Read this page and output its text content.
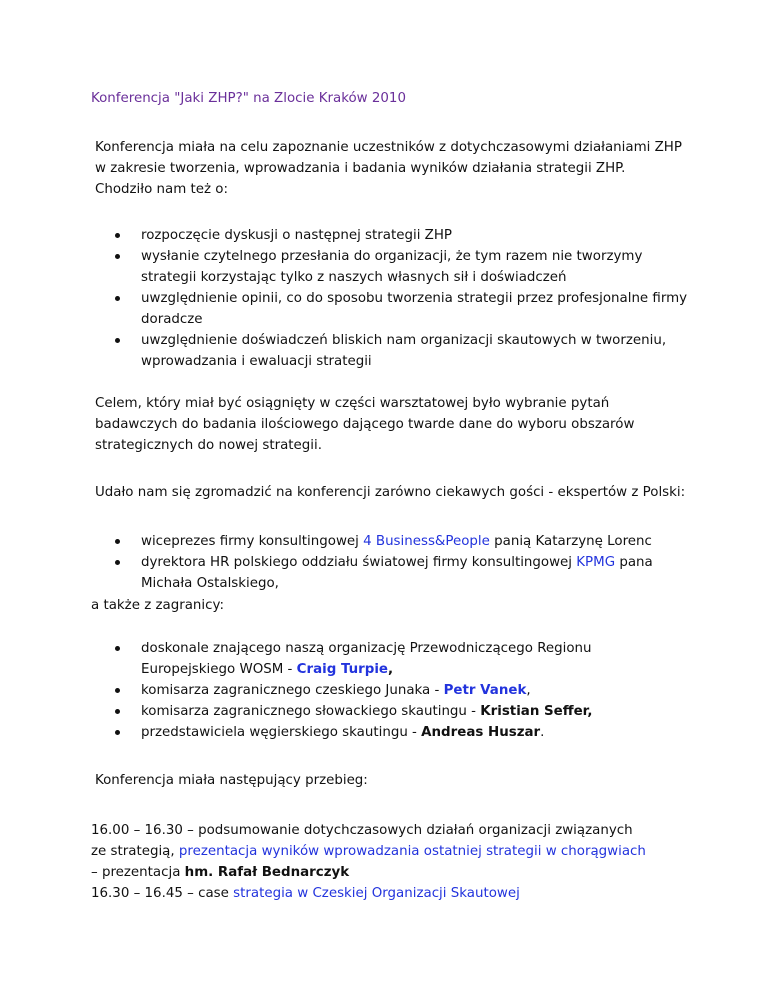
Konferencja "Jaki ZHP?" na Zlocie Kraków 2010

Konferencja miała na celu zapoznanie uczestników z dotychczasowymi działaniami ZHP w zakresie tworzenia, wprowadzania i badania wyników działania strategii ZHP. Chodziło nam też o:

rozpoczęcie dyskusji o następnej strategii ZHP
wysłanie czytelnego przesłania do organizacji, że tym razem nie tworzymy strategii korzystając tylko z naszych własnych sił i doświadczeń
uwzględnienie opinii, co do sposobu tworzenia strategii przez profesjonalne firmy doradcze
uwzględnienie doświadczeń bliskich nam organizacji skautowych w tworzeniu, wprowadzania i ewaluacji strategii

Celem, który miał być osiągnięty w części warsztatowej było wybranie pytań badawczych do badania ilościowego dającego twarde dane do wyboru obszarów strategicznych do nowej strategii.

Udało nam się zgromadzić na konferencji zarówno ciekawych gości - ekspertów z Polski:

wiceprezes firmy konsultingowej 4 Business&People panią Katarzynę Lorenc
dyrektora HR polskiego oddziału światowej firmy konsultingowej KPMG pana Michała Ostalskiego,

a także z zagranicy:

doskonale znającego naszą organizację Przewodniczącego Regionu Europejskiego WOSM - Craig Turpie,
komisarza zagranicznego czeskiego Junaka - Petr Vanek,
komisarza zagranicznego słowackiego skautingu - Kristian Seffer,
przedstawiciela węgierskiego skautingu - Andreas Huszar.

Konferencja miała następujący przebieg:

16.00 – 16.30 – podsumowanie dotychczasowych działań organizacji związanych ze strategią, prezentacja wyników wprowadzania ostatniej strategii w chorągwiach – prezentacja hm. Rafał Bednarczyk

16.30 – 16.45 – case strategia w Czeskiej Organizacji Skautowej
